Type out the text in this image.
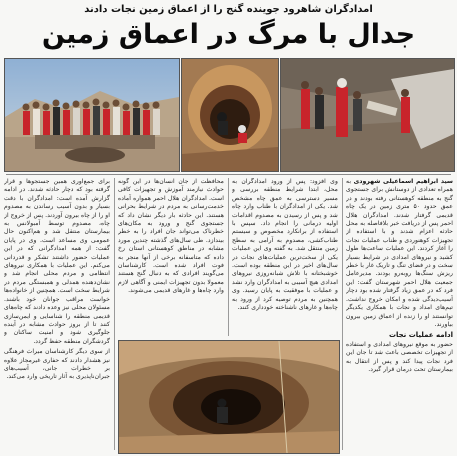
امدادگران شاهرود جوینده گنج را از اعماق زمین نجات دادند
جدال با مرگ در اعماق زمین
سید ابراهیم اسماعیلی شهرودی به همراه تعدادی از دوستانش برای جستجوی گنج به منطقه کوهستانی رفته بودند و در عمق حدود ۵۰ متری زمین در یک چاه قدیمی گرفتار شدند. امدادگران هلال احمر پس از دریافت خبر بلافاصله به محل حادثه اعزام شدند و با استفاده از تجهیزات کوهنوردی و طناب عملیات نجات را آغاز کردند. این عملیات ساعت‌ها طول کشید و نیروهای امدادی در شرایط بسیار سخت و در فضای تنگ و تاریک غار با خطر ریزش سنگ‌ها روبه‌رو بودند. مدیرعامل جمعیت هلال احمر شهرستان گفت: این فرد که در عمق زیاد گرفتار شده بود دچار آسیب‌دیدگی شده و امکان خروج نداشت. تیم‌های امداد و نجات با همکاری یکدیگر توانستند او را زنده از اعماق زمین بیرون بیاورند.
ادامه عملیات نجات
حضور به موقع نیروهای امدادی و استفاده از تجهیزات تخصصی باعث شد تا جان این فرد نجات پیدا کند و پس از انتقال به بیمارستان تحت درمان قرار گیرد.
وی افزود: پس از ورود امدادگران به محل، ابتدا شرایط منطقه بررسی و مسیر دسترسی به عمق چاه مشخص شد. یکی از امدادگران با طناب وارد چاه شد و پس از رسیدن به مصدوم اقدامات اولیه درمانی را انجام داد. سپس با استفاده از برانکارد مخصوص و سیستم طناب‌کشی، مصدوم به آرامی به سطح زمین منتقل شد. به گفته وی این عملیات یکی از سخت‌ترین عملیات‌های نجات در سال‌های اخیر در این منطقه بوده است. خوشبختانه با تلاش شبانه‌روزی نیروهای امدادی هیچ آسیبی به امدادگران وارد نشد و عملیات با موفقیت به پایان رسید. وی همچنین به مردم توصیه کرد از ورود به چاه‌ها و غارهای ناشناخته خودداری کنند.
محافظت از جان انسان‌ها در این گونه حوادث نیازمند آموزش و تجهیزات کافی است. امدادگران هلال احمر همواره آماده خدمت‌رسانی به مردم در شرایط بحرانی هستند. این حادثه بار دیگر نشان داد که جستجوی گنج و ورود به مکان‌های خطرناک می‌تواند جان افراد را به خطر بیندازد. طی سال‌های گذشته چندین مورد مشابه در مناطق کوهستانی استان رخ داده که متاسفانه برخی از آنها منجر به فوت افراد شده است. کارشناسان می‌گویند افرادی که به دنبال گنج هستند معمولا بدون تجهیزات ایمنی و آگاهی لازم وارد چاه‌ها و غارهای قدیمی می‌شوند.
برای جمع‌آوری همین جستجوها و قرار گرفته بود که دچار حادثه شدند. در ادامه گزارش آمده است: امدادگران با دقت بسیار و بدون آسیب رساندن به مصدوم او را از چاه بیرون آوردند. پس از خروج از چاه، مصدوم توسط آمبولانس به بیمارستان منتقل شد و هم‌اکنون حال عمومی وی مساعد است. وی در پایان گفت: از همه امدادگرانی که در این عملیات حضور داشتند تشکر و قدردانی می‌کنم. این عملیات با همکاری نیروهای انتظامی و مردم محلی انجام شد و نشان‌دهنده همدلی و همبستگی مردم در شرایط سخت است. همچنین از خانواده‌ها خواست مراقب جوانان خود باشند. مسئولان محلی نیز وعده دادند که چاه‌های قدیمی منطقه را شناسایی و ایمن‌سازی کنند تا از بروز حوادث مشابه در آینده جلوگیری شود و امنیت ساکنان و گردشگران منطقه حفظ گردد.
از سوی دیگر کارشناسان میراث فرهنگی نیز هشدار دادند که حفاری غیرمجاز علاوه بر خطرات جانی، آسیب‌های جبران‌ناپذیری به آثار تاریخی وارد می‌کند.
